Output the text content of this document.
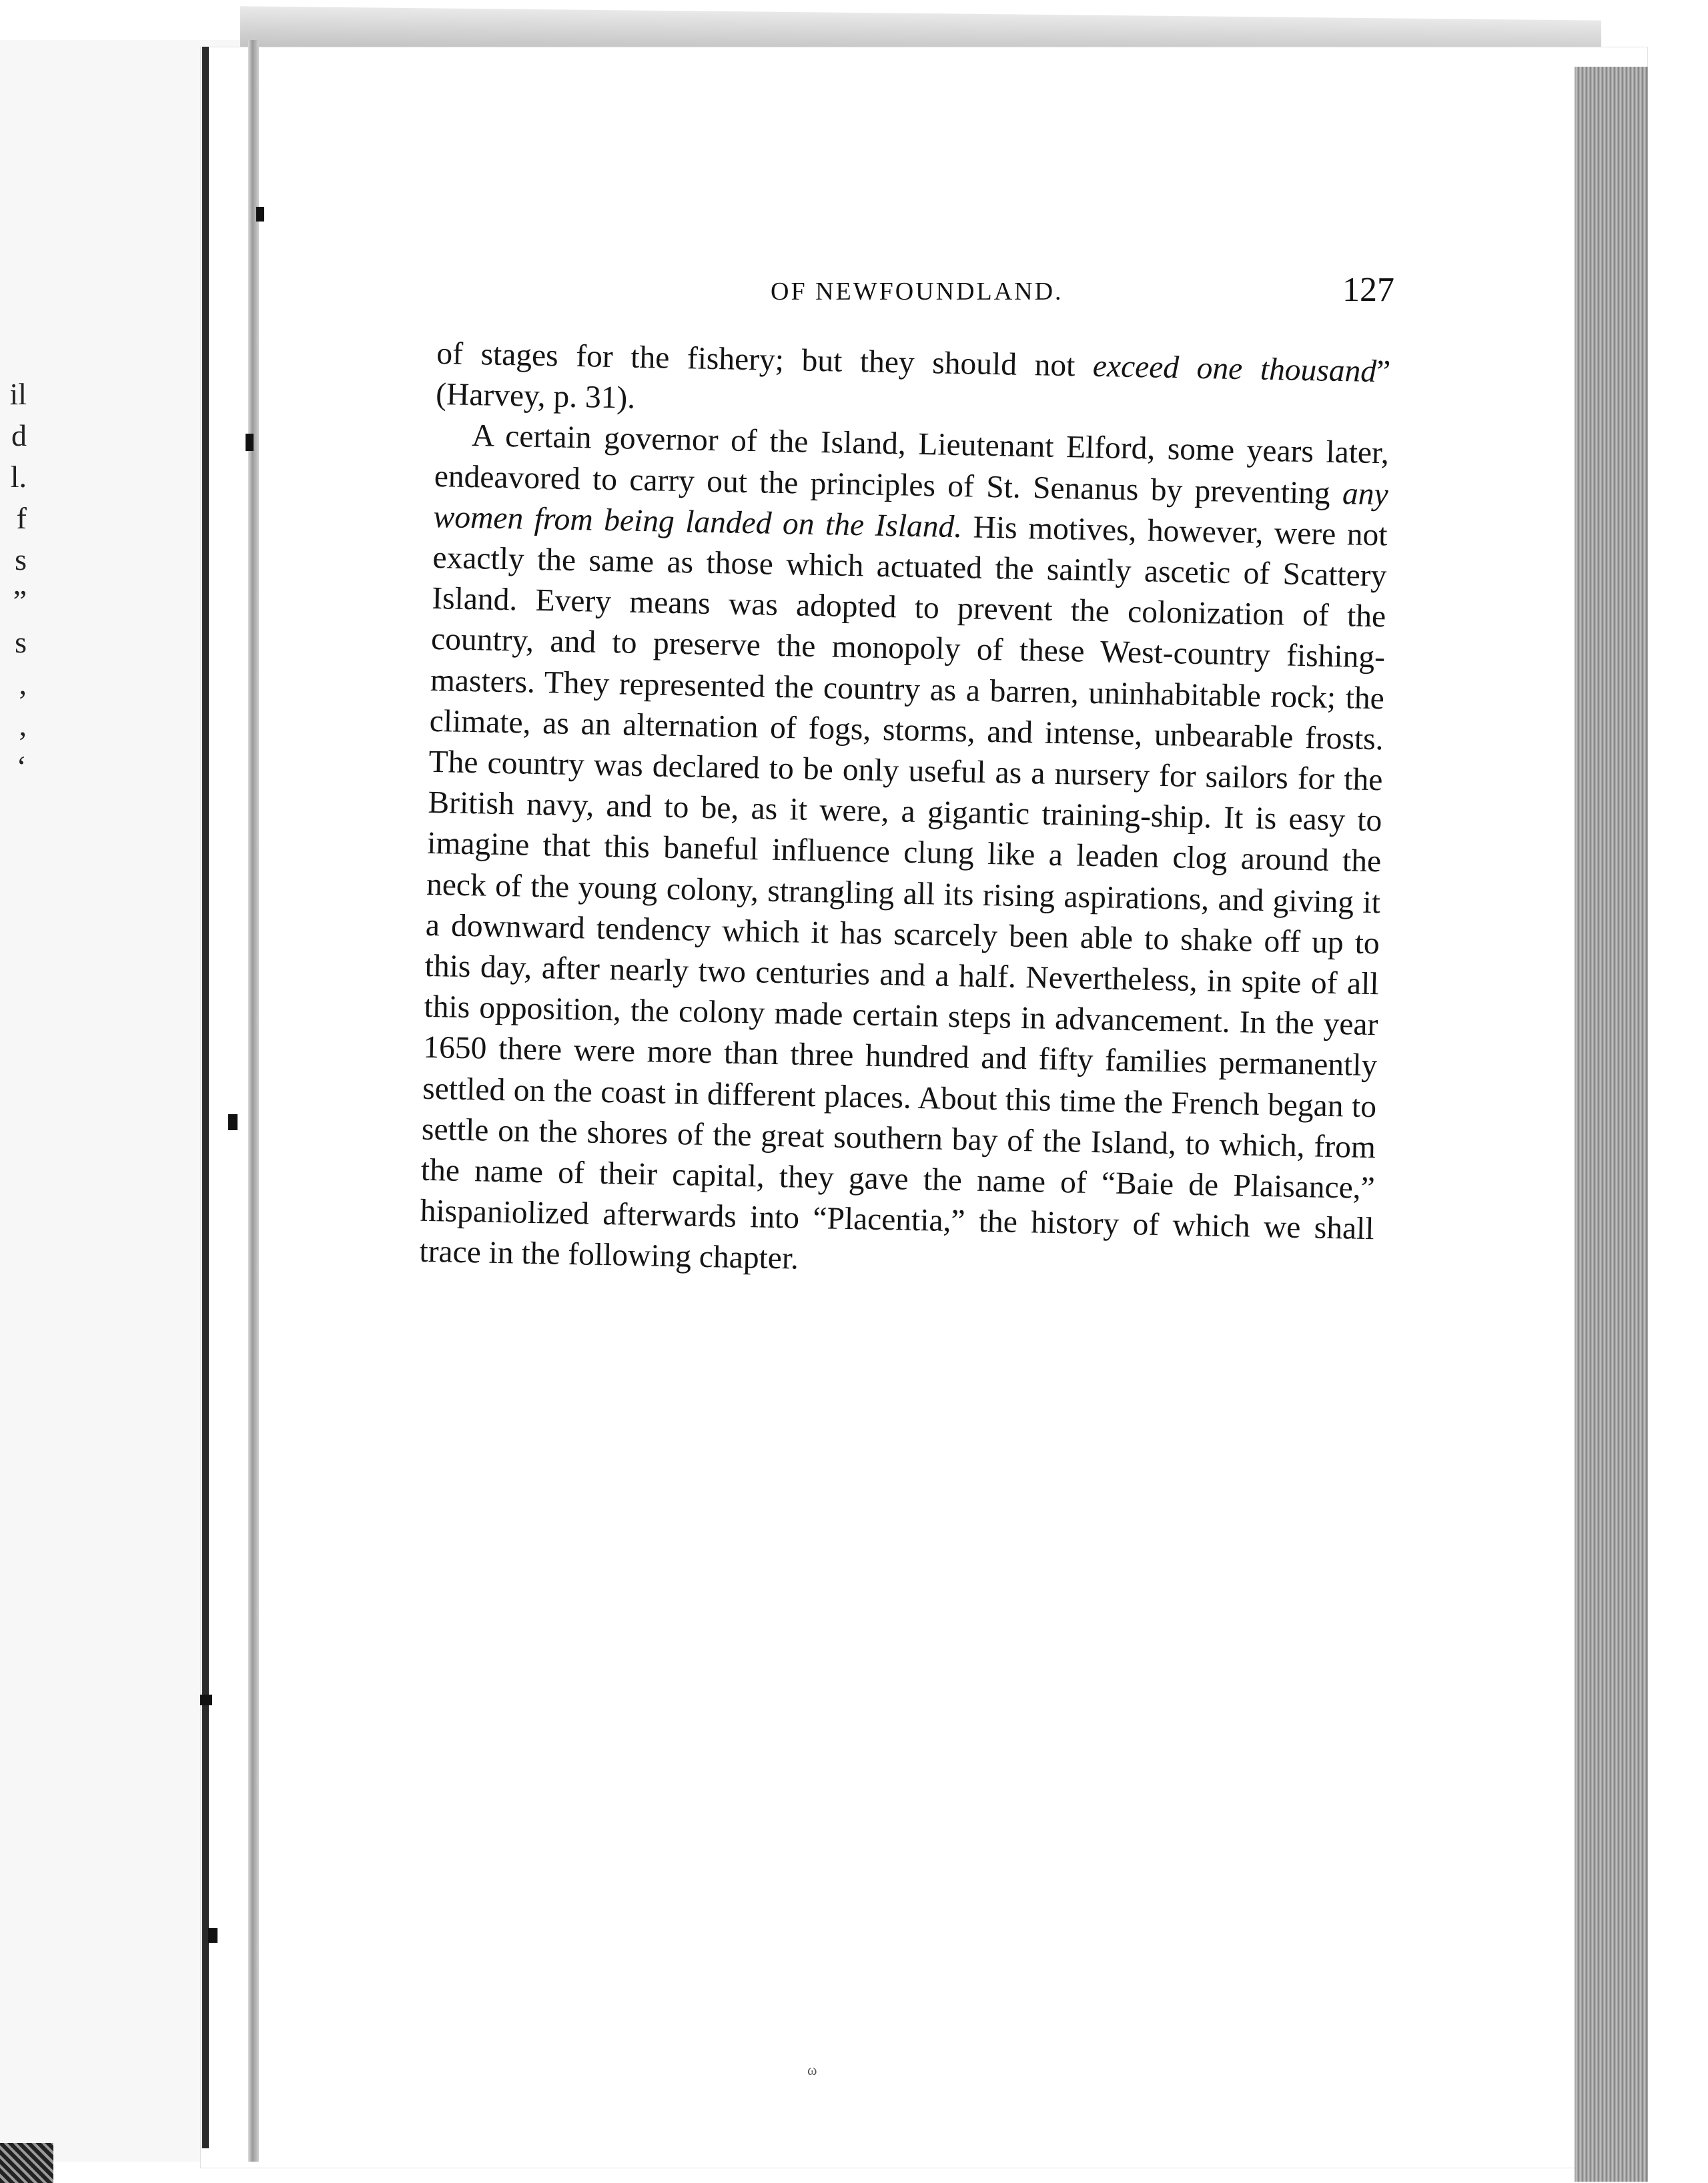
il
d
l.
f
s
”
s
,
,
‘
OF NEWFOUNDLAND.	127

of stages for the fishery; but they should not exceed one thousand” (Harvey, p. 31).

A certain governor of the Island, Lieutenant Elford, some years later, endeavored to carry out the principles of St. Senanus by preventing any women from being landed on the Island. His motives, however, were not exactly the same as those which actuated the saintly ascetic of Scattery Island. Every means was adopted to prevent the colonization of the country, and to preserve the monopoly of these West-country fishing-masters. They represented the country as a barren, uninhabitable rock; the climate, as an alternation of fogs, storms, and intense, unbearable frosts. The country was declared to be only useful as a nursery for sailors for the British navy, and to be, as it were, a gigantic training-ship. It is easy to imagine that this baneful influence clung like a leaden clog around the neck of the young colony, strangling all its rising aspirations, and giving it a downward tendency which it has scarcely been able to shake off up to this day, after nearly two centuries and a half. Nevertheless, in spite of all this opposition, the colony made certain steps in advancement. In the year 1650 there were more than three hundred and fifty families permanently settled on the coast in different places. About this time the French began to settle on the shores of the great southern bay of the Island, to which, from the name of their capital, they gave the name of “Baie de Plaisance,” hispaniolized afterwards into “Placentia,” the history of which we shall trace in the following chapter.

ω
